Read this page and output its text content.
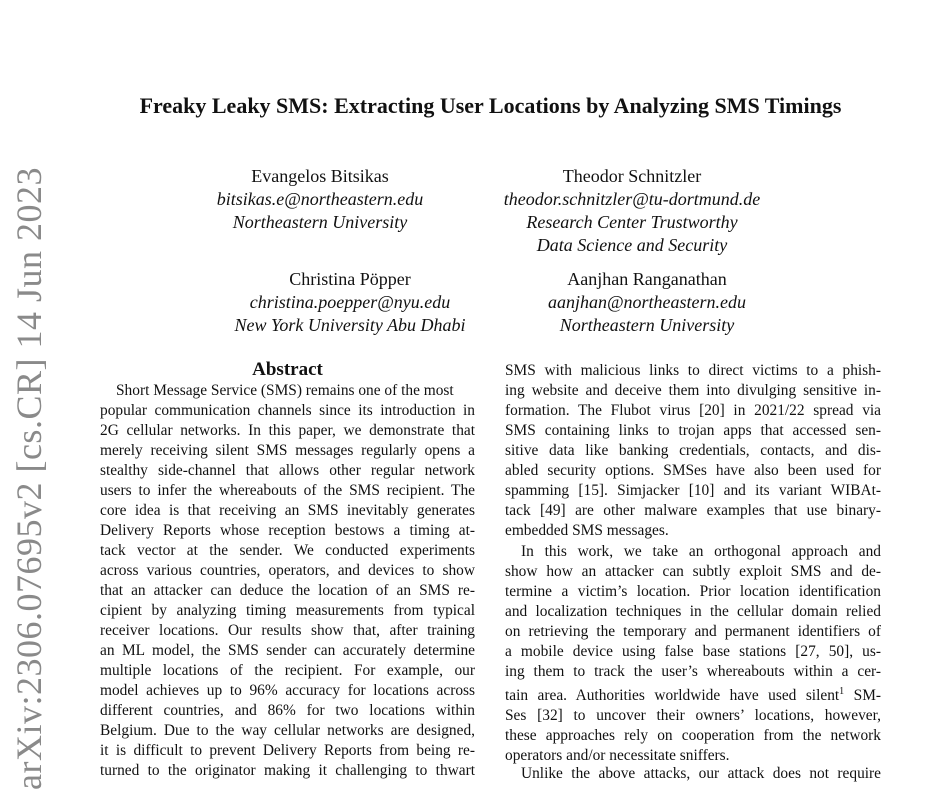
arXiv:2306.07695v2 [cs.CR] 14 Jun 2023
Freaky Leaky SMS: Extracting User Locations by Analyzing SMS Timings
Evangelos Bitsikas
bitsikas.e@northeastern.edu
Northeastern University
Theodor Schnitzler
theodor.schnitzler@tu-dortmund.de
Research Center Trustworthy
Data Science and Security
Christina Pöpper
christina.poepper@nyu.edu
New York University Abu Dhabi
Aanjhan Ranganathan
aanjhan@northeastern.edu
Northeastern University
Abstract
Short Message Service (SMS) remains one of the most
popular communication channels since its introduction in
2G cellular networks. In this paper, we demonstrate that
merely receiving silent SMS messages regularly opens a
stealthy side-channel that allows other regular network
users to infer the whereabouts of the SMS recipient. The
core idea is that receiving an SMS inevitably generates
Delivery Reports whose reception bestows a timing at-
tack vector at the sender. We conducted experiments
across various countries, operators, and devices to show
that an attacker can deduce the location of an SMS re-
cipient by analyzing timing measurements from typical
receiver locations. Our results show that, after training
an ML model, the SMS sender can accurately determine
multiple locations of the recipient. For example, our
model achieves up to 96% accuracy for locations across
different countries, and 86% for two locations within
Belgium. Due to the way cellular networks are designed,
it is difficult to prevent Delivery Reports from being re-
turned to the originator making it challenging to thwart
SMS with malicious links to direct victims to a phish-
ing website and deceive them into divulging sensitive in-
formation. The Flubot virus [20] in 2021/22 spread via
SMS containing links to trojan apps that accessed sen-
sitive data like banking credentials, contacts, and dis-
abled security options. SMSes have also been used for
spamming [15]. Simjacker [10] and its variant WIBAt-
tack [49] are other malware examples that use binary-
embedded SMS messages.
In this work, we take an orthogonal approach and
show how an attacker can subtly exploit SMS and de-
termine a victim’s location. Prior location identification
and localization techniques in the cellular domain relied
on retrieving the temporary and permanent identifiers of
a mobile device using false base stations [27, 50], us-
ing them to track the user’s whereabouts within a cer-
tain area. Authorities worldwide have used silent$^1$ SM-
Ses [32] to uncover their owners’ locations, however,
these approaches rely on cooperation from the network
operators and/or necessitate sniffers.
Unlike the above attacks, our attack does not require
